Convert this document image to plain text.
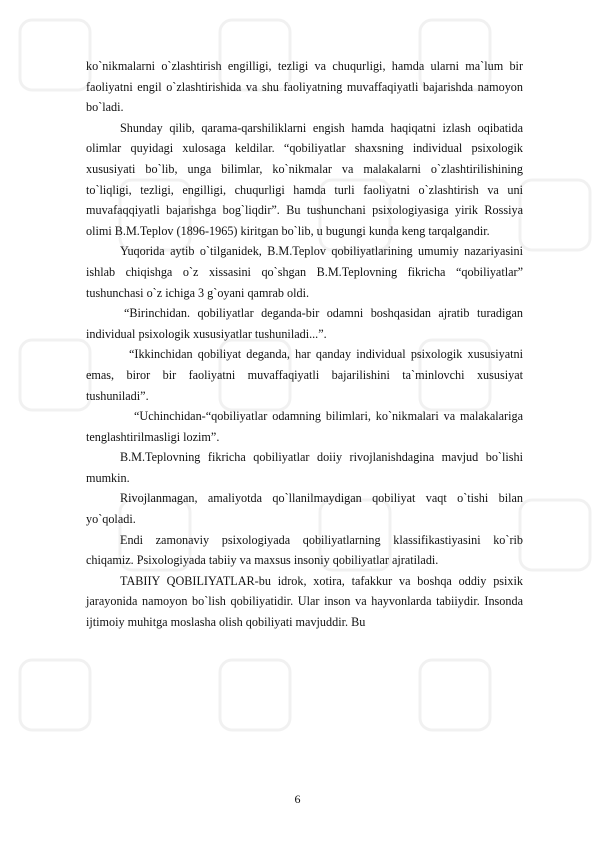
ko`nikmalarni o`zlashtirish engilligi, tezligi va chuqurligi, hamda ularni ma`lum bir faoliyatni engil o`zlashtirishida va shu faoliyatning muvaffaqiyatli bajarishda namoyon bo`ladi.

Shunday qilib, qarama-qarshiliklarni engish hamda haqiqatni izlash oqibatida olimlar quyidagi xulosaga keldilar. “qobiliyatlar shaxsning individual psixologik xususiyati bo`lib, unga bilimlar, ko`nikmalar va malakalarni o`zlashtirilishining to`liqligi, tezligi, engilligi, chuqurligi hamda turli faoliyatni o`zlashtirish va uni muvafaqqiyatli bajarishga bog`liqdir”. Bu tushunchani psixologiyasiga yirik Rossiya olimi B.M.Teplov (1896-1965) kiritgan bo`lib, u bugungi kunda keng tarqalgandir.

Yuqorida aytib o`tilganidek, B.M.Teplov qobiliyatlarining umumiy nazariyasini ishlab chiqishga o`z xissasini qo`shgan B.M.Teplovning fikricha “qobiliyatlar” tushunchasi o`z ichiga 3 g`oyani qamrab oldi.

“Birinchidan. qobiliyatlar deganda-bir odamni boshqasidan ajratib turadigan individual psixologik xususiyatlar tushuniladi...”.

“Ikkinchidan qobiliyat deganda, har qanday individual psixologik xususiyatni emas, biror bir faoliyatni muvaffaqiyatli bajarilishini ta`minlovchi xususiyat tushuniladi”.

“Uchinchidan-“qobiliyatlar odamning bilimlari, ko`nikmalari va malakalariga tenglashtirilmasligi lozim”.

B.M.Teplovning fikricha qobiliyatlar doiiy rivojlanishdagina mavjud bo`lishi mumkin.

Rivojlanmagan, amaliyotda qo`llanilmaydigan qobiliyat vaqt o`tishi bilan yo`qoladi.

Endi zamonaviy psixologiyada qobiliyatlarning klassifikastiyasini ko`rib chiqamiz. Psixologiyada tabiiy va maxsus insoniy qobiliyatlar ajratiladi.

TABIIY QOBILIYATLAR-bu idrok, xotira, tafakkur va boshqa oddiy psixik jarayonida namoyon bo`lish qobiliyatidir. Ular inson va hayvonlarda tabiiydir. Insonda ijtimoiy muhitga moslasha olish qobiliyati mavjuddir. Bu

6
